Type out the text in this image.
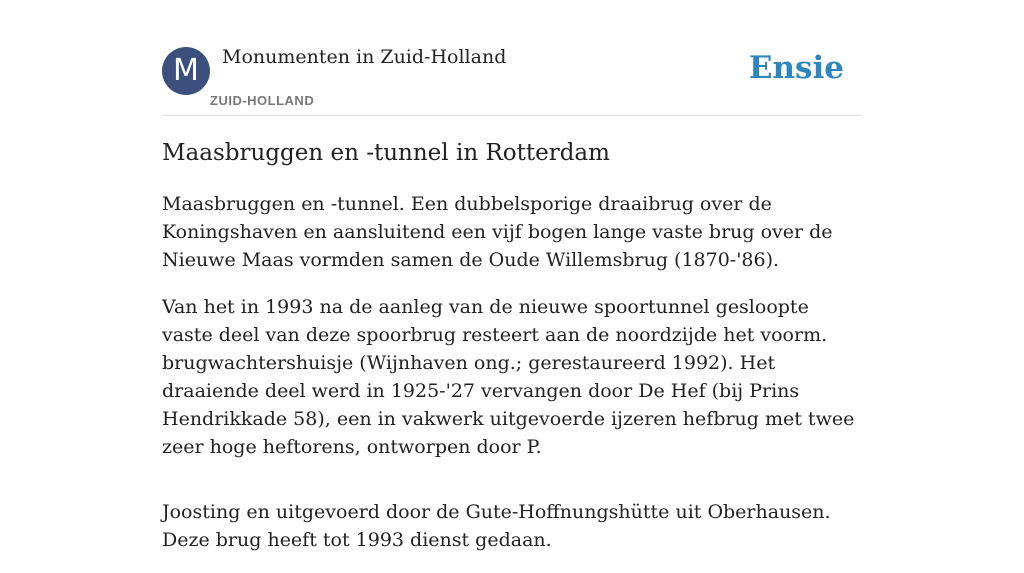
M	Monumenten in Zuid-Holland
ZUID-HOLLAND
Ensie
Maasbruggen en -tunnel in Rotterdam

Maasbruggen en -tunnel. Een dubbelsporige draaibrug over de Koningshaven en aansluitend een vijf bogen lange vaste brug over de Nieuwe Maas vormden samen de Oude Willemsbrug (1870-'86).

Van het in 1993 na de aanleg van de nieuwe spoortunnel gesloopte vaste deel van deze spoorbrug resteert aan de noordzijde het voorm. brugwachtershuisje (Wijnhaven ong.; gerestaureerd 1992). Het draaiende deel werd in 1925-'27 vervangen door De Hef (bij Prins Hendrikkade 58), een in vakwerk uitgevoerde ijzeren hefbrug met twee zeer hoge heftorens, ontworpen door P.

Joosting en uitgevoerd door de Gute-Hoffnungshütte uit Oberhausen. Deze brug heeft tot 1993 dienst gedaan.
